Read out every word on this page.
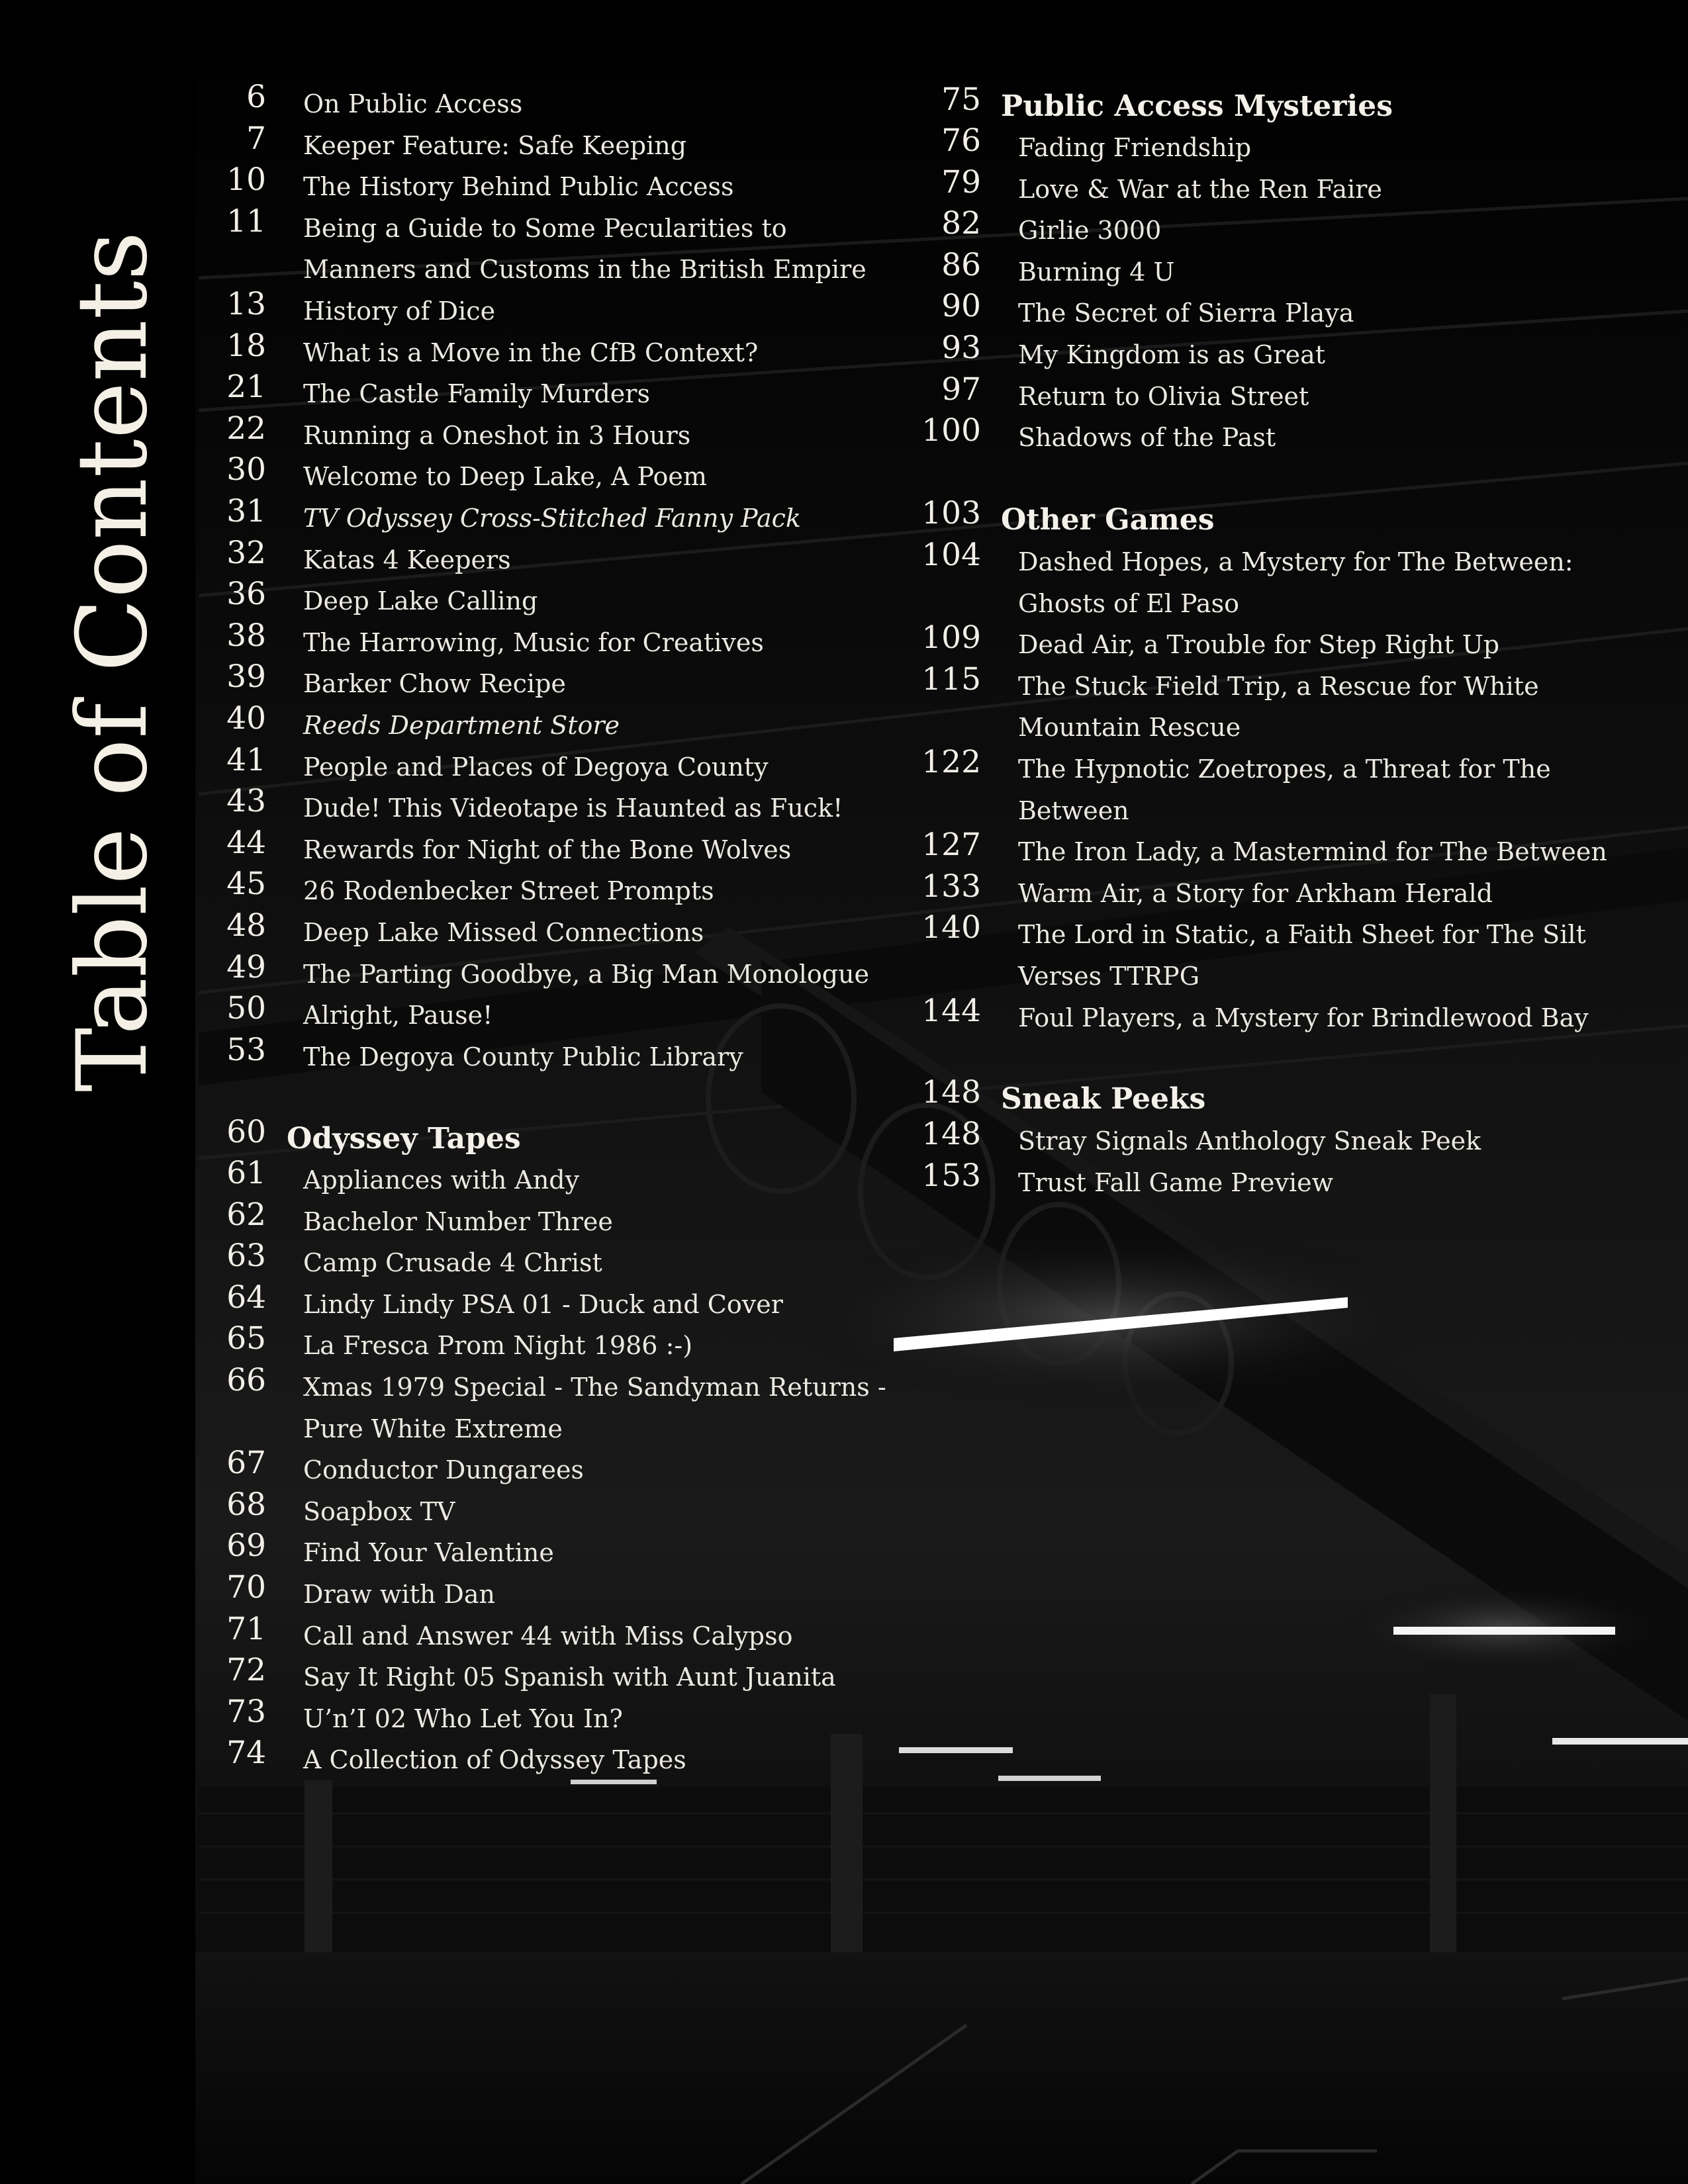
Table of Contents
6 On Public Access
7 Keeper Feature: Safe Keeping
10 The History Behind Public Access
11 Being a Guide to Some Pecularities to
Manners and Customs in the British Empire
13 History of Dice
18 What is a Move in the CfB Context?
21 The Castle Family Murders
22 Running a Oneshot in 3 Hours
30 Welcome to Deep Lake, A Poem
31 TV Odyssey Cross-Stitched Fanny Pack
32 Katas 4 Keepers
36 Deep Lake Calling
38 The Harrowing, Music for Creatives
39 Barker Chow Recipe
40 Reeds Department Store
41 People and Places of Degoya County
43 Dude! This Videotape is Haunted as Fuck!
44 Rewards for Night of the Bone Wolves
45 26 Rodenbecker Street Prompts
48 Deep Lake Missed Connections
49 The Parting Goodbye, a Big Man Monologue
50 Alright, Pause!
53 The Degoya County Public Library
60 Odyssey Tapes
61 Appliances with Andy
62 Bachelor Number Three
63 Camp Crusade 4 Christ
64 Lindy Lindy PSA 01 - Duck and Cover
65 La Fresca Prom Night 1986 :-)
66 Xmas 1979 Special - The Sandyman Returns -
Pure White Extreme
67 Conductor Dungarees
68 Soapbox TV
69 Find Your Valentine
70 Draw with Dan
71 Call and Answer 44 with Miss Calypso
72 Say It Right 05 Spanish with Aunt Juanita
73 U’n’I 02 Who Let You In?
74 A Collection of Odyssey Tapes
75 Public Access Mysteries
76 Fading Friendship
79 Love & War at the Ren Faire
82 Girlie 3000
86 Burning 4 U
90 The Secret of Sierra Playa
93 My Kingdom is as Great
97 Return to Olivia Street
100 Shadows of the Past
103 Other Games
104 Dashed Hopes, a Mystery for The Between:
Ghosts of El Paso
109 Dead Air, a Trouble for Step Right Up
115 The Stuck Field Trip, a Rescue for White
Mountain Rescue
122 The Hypnotic Zoetropes, a Threat for The
Between
127 The Iron Lady, a Mastermind for The Between
133 Warm Air, a Story for Arkham Herald
140 The Lord in Static, a Faith Sheet for The Silt
Verses TTRPG
144 Foul Players, a Mystery for Brindlewood Bay
148 Sneak Peeks
148 Stray Signals Anthology Sneak Peek
153 Trust Fall Game Preview
